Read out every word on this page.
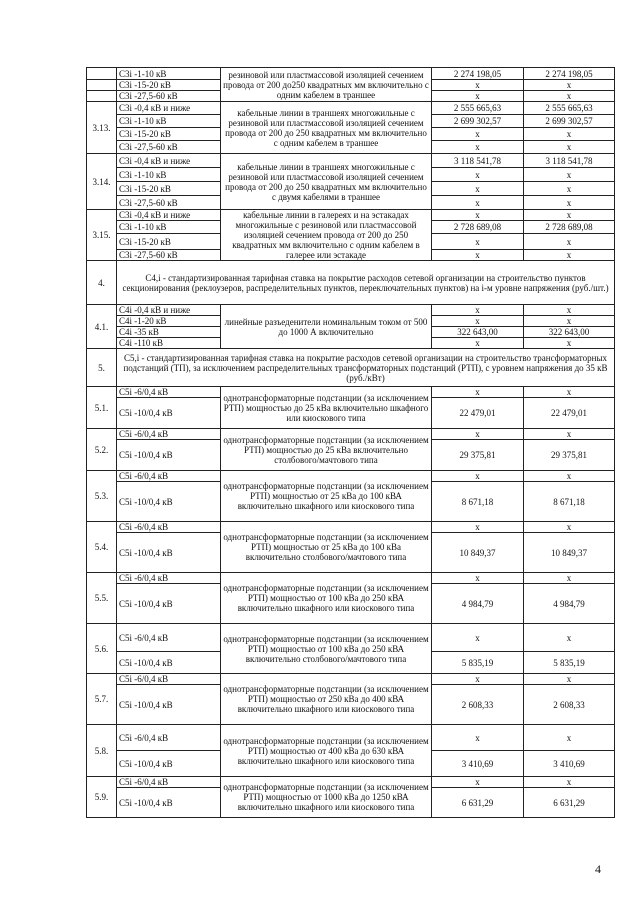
	C3i -1-10 кВ	резиновой или пластмассовой изоляцией сечением провода от 200 до250 квадратных мм включительно с одним кабелем в траншее	2 274 198,05	2 274 198,05
	C3i -15-20 кВ		х	х
	C3i -27,5-60 кВ		х	х
3.13.	C3i -0,4 кВ и ниже	кабельные линии в траншеях многожильные с резиновой или пластмассовой изоляцией сечением провода от 200 до 250 квадратных мм включительно с одним кабелем в траншее	2 555 665,63	2 555 665,63
	C3i -1-10 кВ		2 699 302,57	2 699 302,57
	C3i -15-20 кВ		х	х
	C3i -27,5-60 кВ		х	х
3.14.	C3i -0,4 кВ и ниже	кабельные линии в траншеях многожильные с резиновой или пластмассовой изоляцией сечением провода от 200 до 250 квадратных мм включительно с двумя кабелями в траншее	3 118 541,78	3 118 541,78
	C3i -1-10 кВ		х	х
	C3i -15-20 кВ		х	х
	C3i -27,5-60 кВ		х	х
3.15.	C3i -0,4 кВ и ниже	кабельные линии в галереях и на эстакадах многожильные с резиновой или пластмассовой изоляцией сечением провода от 200 до 250 квадратных мм включительно с одним кабелем в галерее или эстакаде	х	х
	C3i -1-10 кВ		2 728 689,08	2 728 689,08
	C3i -15-20 кВ		х	х
	C3i -27,5-60 кВ		х	х
4.	C4,i - стандартизированная тарифная ставка на покрытие расходов сетевой организации на строительство пунктов секционирования (реклоузеров, распределительных пунктов, переключательных пунктов) на i-м уровне напряжения (руб./шт.)			
4.1.	C4i -0,4 кВ и ниже	линейные разъеденители номинальным током от 500 до 1000 А включительно	х	х
	C4i -1-20 кВ		х	х
	C4i -35 кВ		322 643,00	322 643,00
	C4i -110 кВ		х	х
5.	C5,i - стандартизированная тарифная ставка на покрытие расходов сетевой организации на строительство трансформаторных подстанций (ТП), за исключением распределительных трансформаторных подстанций (РТП), с уровнем напряжения до 35 кВ (руб./кВт)			
5.1.	C5i -6/0,4 кВ	однотрансформаторные подстанции (за исключением РТП) мощностью до 25 кВа включительно шкафного или киоскового типа	х	х
	C5i -10/0,4 кВ		22 479,01	22 479,01
5.2.	C5i -6/0,4 кВ	однотрансформаторные подстанции (за исключением РТП) мощностью до 25 кВа включительно столбового/мачтового типа	х	х
	C5i -10/0,4 кВ		29 375,81	29 375,81
5.3.	C5i -6/0,4 кВ	однотрансформаторные подстанции (за исключением РТП) мощностью от 25 кВа до 100 кВА включительно шкафного или киоскового типа	х	х
	C5i -10/0,4 кВ		8 671,18	8 671,18
5.4.	C5i -6/0,4 кВ	однотрансформаторные подстанции (за исключением РТП) мощностью от 25 кВа до 100 кВа включительно столбового/мачтового типа	х	х
	C5i -10/0,4 кВ		10 849,37	10 849,37
5.5.	C5i -6/0,4 кВ	однотрансформаторные подстанции (за исключением РТП) мощностью от 100 кВа до 250 кВА включительно шкафного или киоскового типа	х	х
	C5i -10/0,4 кВ		4 984,79	4 984,79
5.6.	C5i -6/0,4 кВ	однотрансформаторные подстанции (за исключением РТП) мощностью от 100 кВа до 250 кВА включительно столбового/мачтового типа	х	х
	C5i -10/0,4 кВ		5 835,19	5 835,19
5.7.	C5i -6/0,4 кВ	однотрансформаторные подстанции (за исключением РТП) мощностью от 250 кВа до 400 кВА включительно шкафного или киоскового типа	х	х
	C5i -10/0,4 кВ		2 608,33	2 608,33
5.8.	C5i -6/0,4 кВ	однотрансформаторные подстанции (за исключением РТП) мощностью от 400 кВа до 630 кВА включительно шкафного или киоскового типа	х	х
	C5i -10/0,4 кВ		3 410,69	3 410,69
5.9.	C5i -6/0,4 кВ	однотрансформаторные подстанции (за исключением РТП) мощностью от 1000 кВа до 1250 кВА включительно шкафного или киоскового типа	х	х
	C5i -10/0,4 кВ		6 631,29	6 631,29
4
